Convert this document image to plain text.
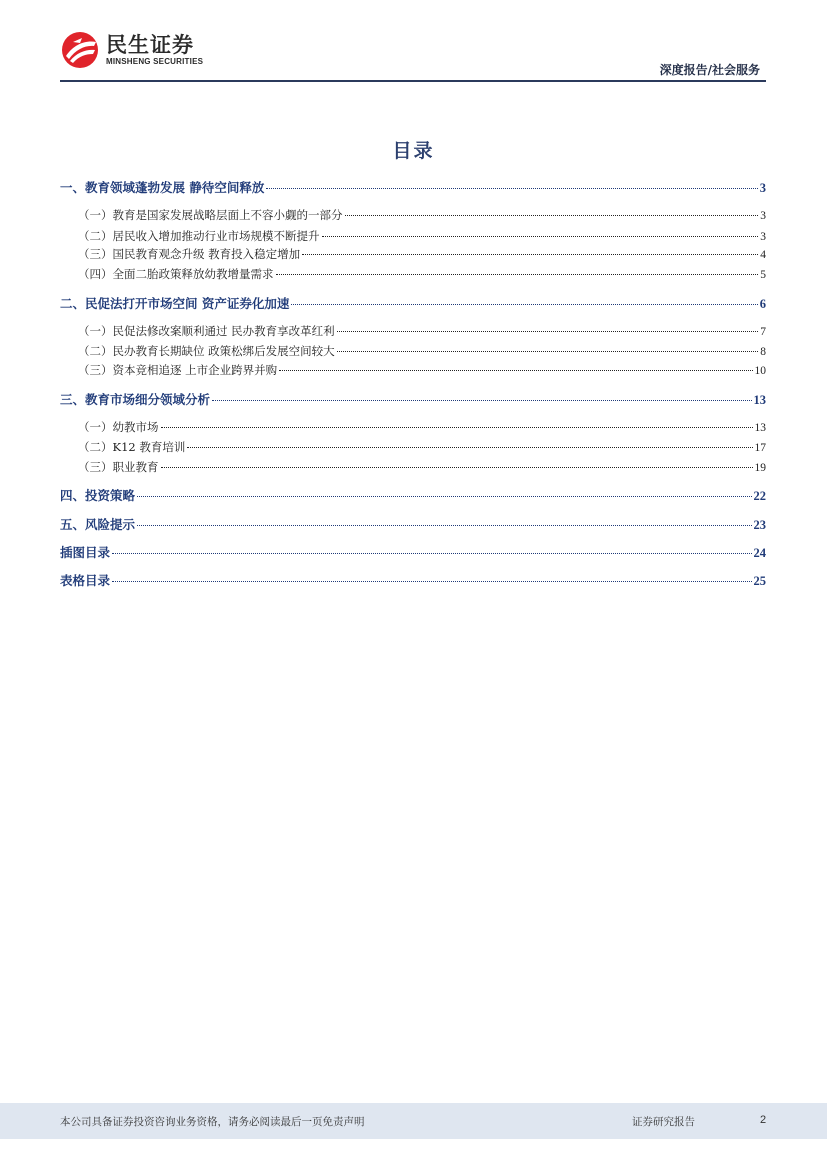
民生证券
MINSHENG SECURITIES
深度报告/社会服务
目录
一、教育领域蓬勃发展 静待空间释放	3
（一）教育是国家发展战略层面上不容小觑的一部分	3
（二）居民收入增加推动行业市场规模不断提升	3
（三）国民教育观念升级 教育投入稳定增加	4
（四）全面二胎政策释放幼教增量需求	5
二、民促法打开市场空间 资产证券化加速	6
（一）民促法修改案顺利通过 民办教育享改革红利	7
（二）民办教育长期缺位 政策松绑后发展空间较大	8
（三）资本竞相追逐 上市企业跨界并购	10
三、教育市场细分领域分析	13
（一）幼教市场	13
（二）K12 教育培训	17
（三）职业教育	19
四、投资策略	22
五、风险提示	23
插图目录	24
表格目录	25
本公司具备证券投资咨询业务资格，请务必阅读最后一页免责声明	证券研究报告	2
